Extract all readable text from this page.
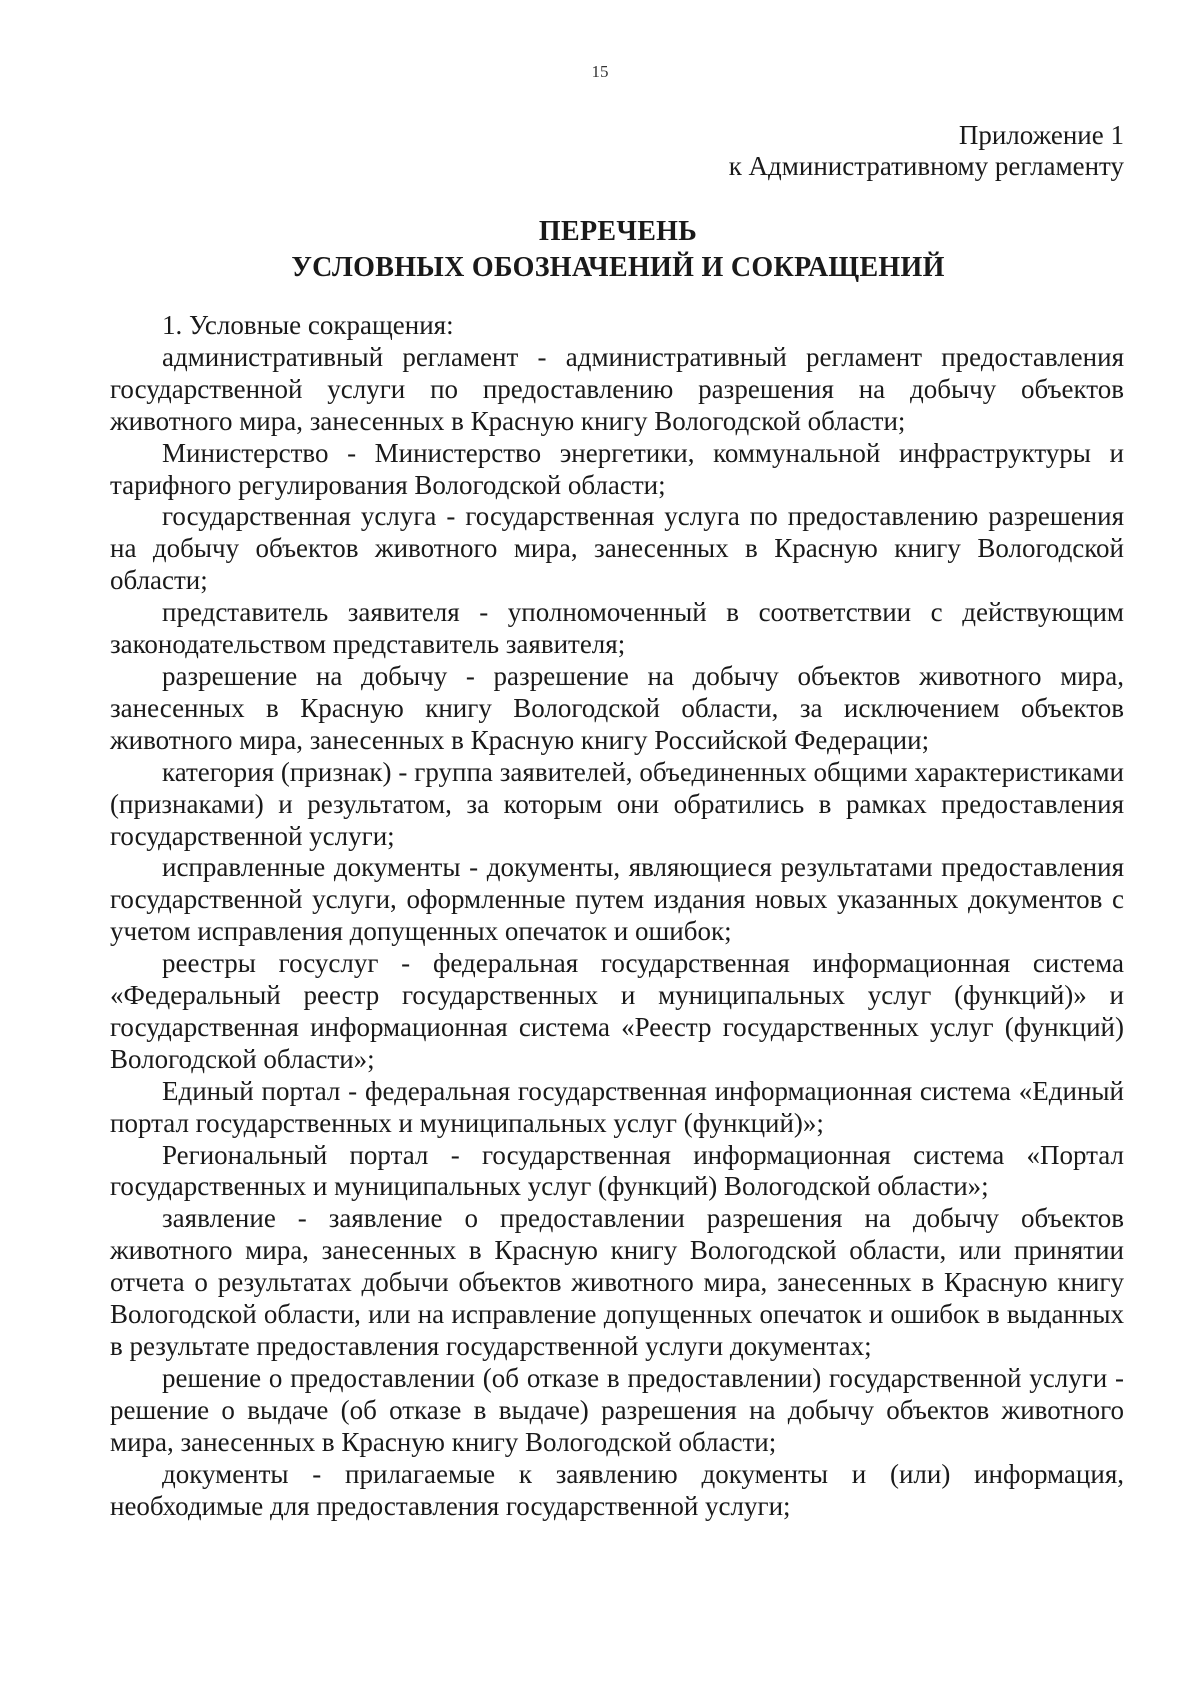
15
Приложение 1
к Административному регламенту
ПЕРЕЧЕНЬ
УСЛОВНЫХ ОБОЗНАЧЕНИЙ И СОКРАЩЕНИЙ

1. Условные сокращения:

административный регламент - административный регламент предоставления государственной услуги по предоставлению разрешения на добычу объектов животного мира, занесенных в Красную книгу Вологодской области;

Министерство - Министерство энергетики, коммунальной инфраструктуры и тарифного регулирования Вологодской области;

государственная услуга - государственная услуга по предоставлению разрешения на добычу объектов животного мира, занесенных в Красную книгу Вологодской области;

представитель заявителя - уполномоченный в соответствии с действующим законодательством представитель заявителя;

разрешение на добычу - разрешение на добычу объектов животного мира, занесенных в Красную книгу Вологодской области, за исключением объектов животного мира, занесенных в Красную книгу Российской Федерации;

категория (признак) - группа заявителей, объединенных общими характеристиками (признаками) и результатом, за которым они обратились в рамках предоставления государственной услуги;

исправленные документы - документы, являющиеся результатами предоставления государственной услуги, оформленные путем издания новых указанных документов с учетом исправления допущенных опечаток и ошибок;

реестры госуслуг - федеральная государственная информационная система «Федеральный реестр государственных и муниципальных услуг (функций)» и государственная информационная система «Реестр государственных услуг (функций) Вологодской области»;

Единый портал - федеральная государственная информационная система «Единый портал государственных и муниципальных услуг (функций)»;

Региональный портал - государственная информационная система «Портал государственных и муниципальных услуг (функций) Вологодской области»;

заявление - заявление о предоставлении разрешения на добычу объектов животного мира, занесенных в Красную книгу Вологодской области, или принятии отчета о результатах добычи объектов животного мира, занесенных в Красную книгу Вологодской области, или на исправление допущенных опечаток и ошибок в выданных в результате предоставления государственной услуги документах;

решение о предоставлении (об отказе в предоставлении) государственной услуги - решение о выдаче (об отказе в выдаче) разрешения на добычу объектов животного мира, занесенных в Красную книгу Вологодской области;

документы - прилагаемые к заявлению документы и (или) информация, необходимые для предоставления государственной услуги;
